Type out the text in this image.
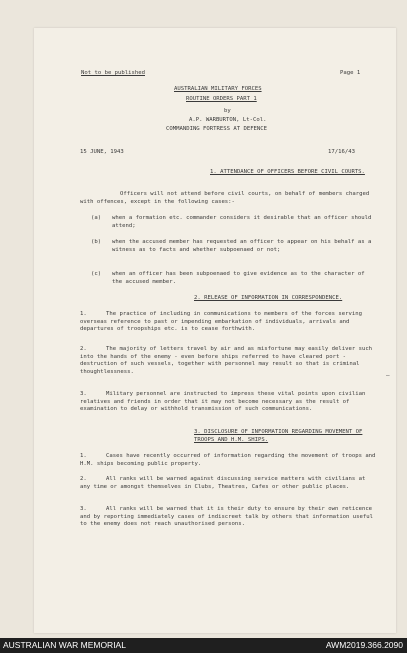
Not to be published	Page 1
AUSTRALIAN MILITARY FORCES
ROUTINE ORDERS PART 1
by
A.P. WARBURTON, Lt-Col.
COMMANDING FORTRESS AT DEFENCE
15 JUNE, 1943	17/16/43
1. ATTENDANCE OF OFFICERS BEFORE CIVIL COURTS.
Officers will not attend before civil courts, on behalf of members charged with offences, except in the following cases:-
(a) when a formation etc. commander considers it desirable that an officer should attend;
(b) when the accused member has requested an officer to appear on his behalf as a witness as to facts and whether subpoenaed or not;
(c) when an officer has been subpoenaed to give evidence as to the character of the accused member.
2. RELEASE OF INFORMATION IN CORRESPONDENCE.
1.	The practice of including in communications to members of the forces serving overseas reference to past or impending embarkation of individuals, arrivals and departures of troopships etc. is to cease forthwith.
2.	The majority of letters travel by air and as misfortune may easily deliver such into the hands of the enemy - even before ships referred to have cleared port - destruction of such vessels, together with personnel may result so that is criminal thoughtlessness.
3.	Military personnel are instructed to impress these vital points upon civilian relatives and friends in order that it may not become necessary as the result of examination to delay or withhold transmission of such communications.
3. DISCLOSURE OF INFORMATION REGARDING MOVEMENT OF TROOPS AND H.M. SHIPS.
1.	Cases have recently occurred of information regarding the movement of troops and H.M. ships becoming public property.
2.	All ranks will be warned against discussing service matters with civilians at any time or amongst themselves in Clubs, Theatres, Cafes or other public places.
3.	All ranks will be warned that it is their duty to ensure by their own reticence and by reporting immediately cases of indiscreet talk by others that information useful to the enemy does not reach unauthorised persons.
—
AUSTRALIAN WAR MEMORIAL	AWM2019.366.2090
